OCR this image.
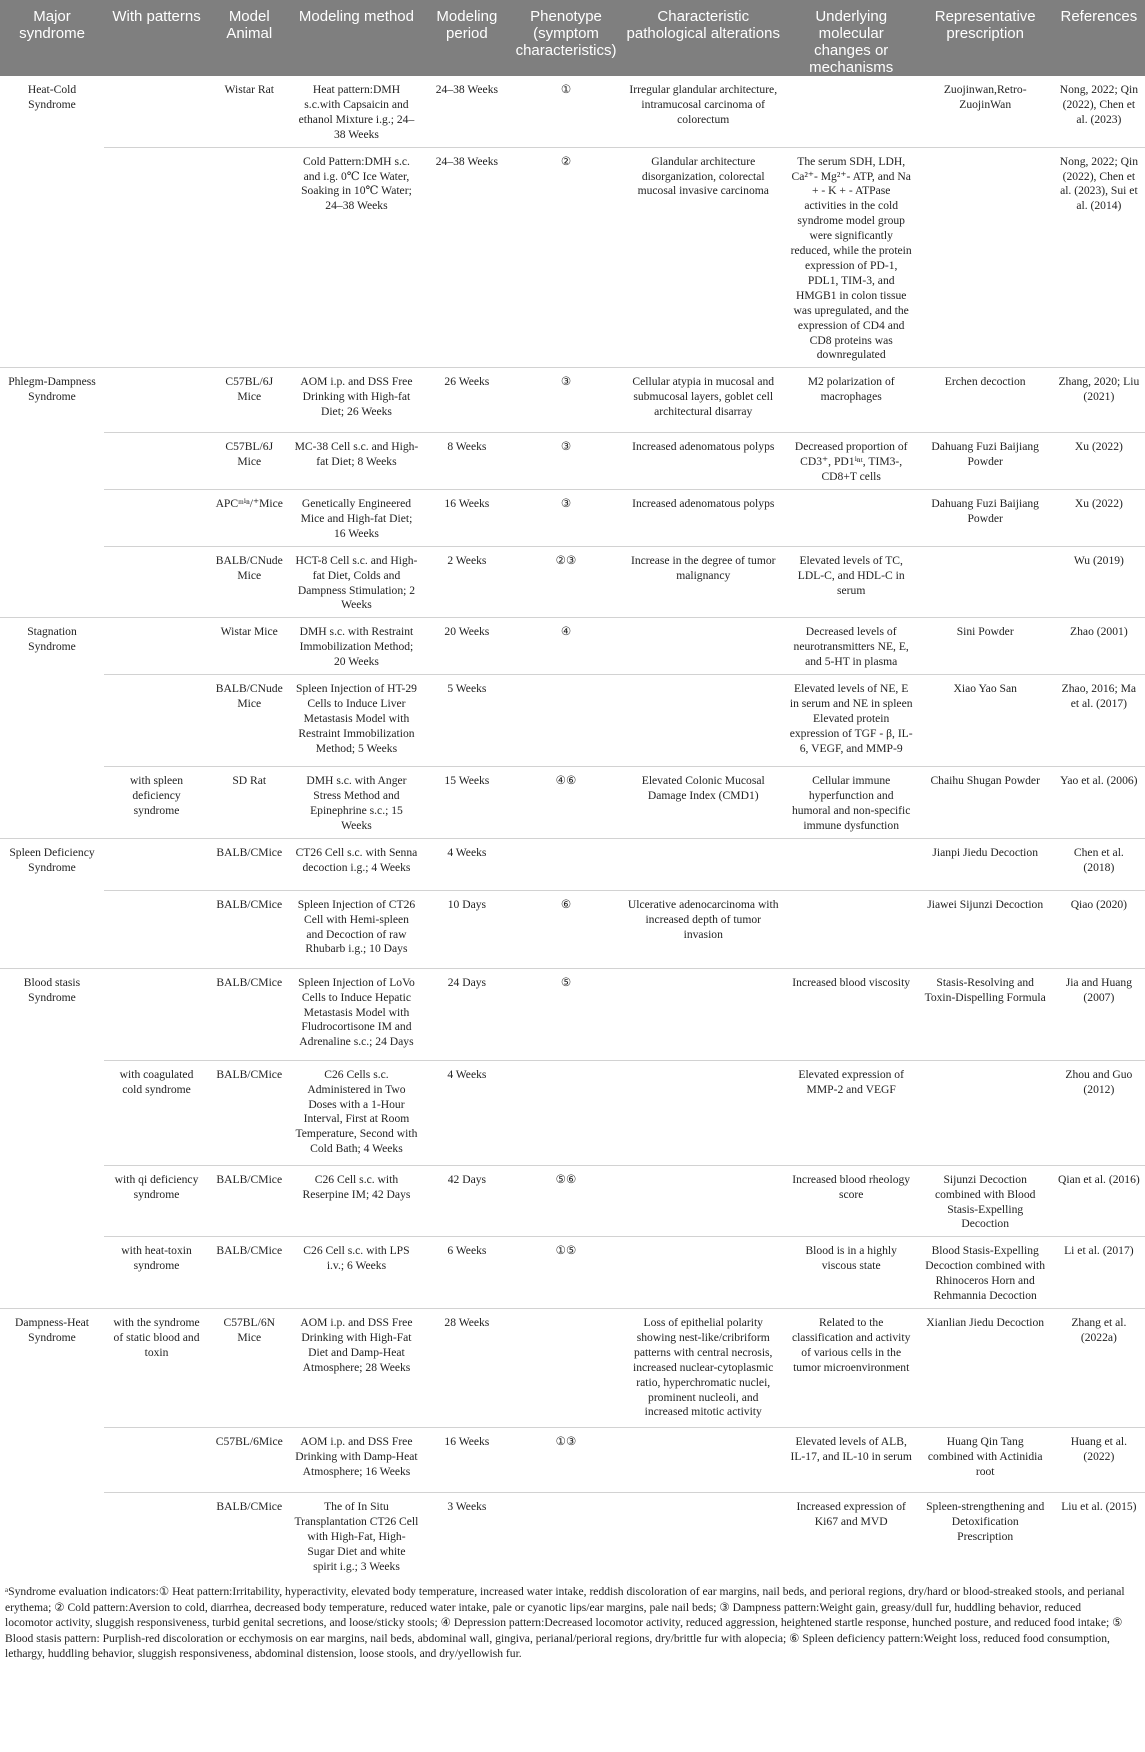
Major syndrome	With patterns	Model Animal	Modeling method	Modeling period	Phenotype (symptom characteristics)	Characteristic pathological alterations	Underlying molecular changes or mechanisms	Representative prescription	References
Heat-Cold Syndrome		Wistar Rat	Heat pattern:DMH s.c.with Capsaicin and ethanol Mixture i.g.; 24–38 Weeks	24–38 Weeks	①	Irregular glandular architecture, intramucosal carcinoma of colorectum		Zuojinwan,Retro-ZuojinWan	Nong, 2022; Qin (2022), Chen et al. (2023)
			Cold Pattern:DMH s.c. and i.g. 0℃ Ice Water, Soaking in 10℃ Water; 24–38 Weeks	24–38 Weeks	②	Glandular architecture disorganization, colorectal mucosal invasive carcinoma	The serum SDH, LDH, Ca²⁺- Mg²⁺- ATP, and Na + - K + - ATPase activities in the cold syndrome model group were significantly reduced, while the protein expression of PD-1, PDL1, TIM-3, and HMGB1 in colon tissue was upregulated, and the expression of CD4 and CD8 proteins was downregulated		Nong, 2022; Qin (2022), Chen et al. (2023), Sui et al. (2014)
Phlegm-Dampness Syndrome		C57BL/6J Mice	AOM i.p. and DSS Free Drinking with High-fat Diet; 26 Weeks	26 Weeks	③	Cellular atypia in mucosal and submucosal layers, goblet cell architectural disarray	M2 polarization of macrophages	Erchen decoction	Zhang, 2020; Liu (2021)
		C57BL/6J Mice	MC-38 Cell s.c. and High-fat Diet; 8 Weeks	8 Weeks	③	Increased adenomatous polyps	Decreased proportion of CD3⁺, PD1ⁱⁿᵗ, TIM3-, CD8+T cells	Dahuang Fuzi Baijiang Powder	Xu (2022)
		APCᵐⁱⁿ/⁺Mice	Genetically Engineered Mice and High-fat Diet; 16 Weeks	16 Weeks	③	Increased adenomatous polyps		Dahuang Fuzi Baijiang Powder	Xu (2022)
		BALB/CNude Mice	HCT-8 Cell s.c. and High-fat Diet, Colds and Dampness Stimulation; 2 Weeks	2 Weeks	②③	Increase in the degree of tumor malignancy	Elevated levels of TC, LDL-C, and HDL-C in serum		Wu (2019)
Stagnation Syndrome		Wistar Mice	DMH s.c. with Restraint Immobilization Method; 20 Weeks	20 Weeks	④		Decreased levels of neurotransmitters NE, E, and 5-HT in plasma	Sini Powder	Zhao (2001)
		BALB/CNude Mice	Spleen Injection of HT-29 Cells to Induce Liver Metastasis Model with Restraint Immobilization Method; 5 Weeks	5 Weeks			Elevated levels of NE, E in serum and NE in spleen Elevated protein expression of TGF - β, IL-6, VEGF, and MMP-9	Xiao Yao San	Zhao, 2016; Ma et al. (2017)
	with spleen deficiency syndrome	SD Rat	DMH s.c. with Anger Stress Method and Epinephrine s.c.; 15 Weeks	15 Weeks	④⑥	Elevated Colonic Mucosal Damage Index (CMD1)	Cellular immune hyperfunction and humoral and non-specific immune dysfunction	Chaihu Shugan Powder	Yao et al. (2006)
Spleen Deficiency Syndrome		BALB/CMice	CT26 Cell s.c. with Senna decoction i.g.; 4 Weeks	4 Weeks				Jianpi Jiedu Decoction	Chen et al. (2018)
		BALB/CMice	Spleen Injection of CT26 Cell with Hemi-spleen and Decoction of raw Rhubarb i.g.; 10 Days	10 Days	⑥	Ulcerative adenocarcinoma with increased depth of tumor invasion		Jiawei Sijunzi Decoction	Qiao (2020)
Blood stasis Syndrome		BALB/CMice	Spleen Injection of LoVo Cells to Induce Hepatic Metastasis Model with Fludrocortisone IM and Adrenaline s.c.; 24 Days	24 Days	⑤		Increased blood viscosity	Stasis-Resolving and Toxin-Dispelling Formula	Jia and Huang (2007)
	with coagulated cold syndrome	BALB/CMice	C26 Cells s.c. Administered in Two Doses with a 1-Hour Interval, First at Room Temperature, Second with Cold Bath; 4 Weeks	4 Weeks			Elevated expression of MMP-2 and VEGF		Zhou and Guo (2012)
	with qi deficiency syndrome	BALB/CMice	C26 Cell s.c. with Reserpine IM; 42 Days	42 Days	⑤⑥		Increased blood rheology score	Sijunzi Decoction combined with Blood Stasis-Expelling Decoction	Qian et al. (2016)
	with heat-toxin syndrome	BALB/CMice	C26 Cell s.c. with LPS i.v.; 6 Weeks	6 Weeks	①⑤		Blood is in a highly viscous state	Blood Stasis-Expelling Decoction combined with Rhinoceros Horn and Rehmannia Decoction	Li et al. (2017)
Dampness-Heat Syndrome	with the syndrome of static blood and toxin	C57BL/6N Mice	AOM i.p. and DSS Free Drinking with High-Fat Diet and Damp-Heat Atmosphere; 28 Weeks	28 Weeks		Loss of epithelial polarity showing nest-like/cribriform patterns with central necrosis, increased nuclear-cytoplasmic ratio, hyperchromatic nuclei, prominent nucleoli, and increased mitotic activity	Related to the classification and activity of various cells in the tumor microenvironment	Xianlian Jiedu Decoction	Zhang et al. (2022a)
		C57BL/6Mice	AOM i.p. and DSS Free Drinking with Damp-Heat Atmosphere; 16 Weeks	16 Weeks	①③		Elevated levels of ALB, IL-17, and IL-10 in serum	Huang Qin Tang combined with Actinidia root	Huang et al. (2022)
		BALB/CMice	The of In Situ Transplantation CT26 Cell with High-Fat, High-Sugar Diet and white spirit i.g.; 3 Weeks	3 Weeks			Increased expression of Ki67 and MVD	Spleen-strengthening and Detoxification Prescription	Liu et al. (2015)
ᵃSyndrome evaluation indicators:① Heat pattern:Irritability, hyperactivity, elevated body temperature, increased water intake, reddish discoloration of ear margins, nail beds, and perioral regions, dry/hard or blood-streaked stools, and perianal erythema; ② Cold pattern:Aversion to cold, diarrhea, decreased body temperature, reduced water intake, pale or cyanotic lips/ear margins, pale nail beds; ③ Dampness pattern:Weight gain, greasy/dull fur, huddling behavior, reduced locomotor activity, sluggish responsiveness, turbid genital secretions, and loose/sticky stools; ④ Depression pattern:Decreased locomotor activity, reduced aggression, heightened startle response, hunched posture, and reduced food intake; ⑤ Blood stasis pattern: Purplish-red discoloration or ecchymosis on ear margins, nail beds, abdominal wall, gingiva, perianal/perioral regions, dry/brittle fur with alopecia; ⑥ Spleen deficiency pattern:Weight loss, reduced food consumption, lethargy, huddling behavior, sluggish responsiveness, abdominal distension, loose stools, and dry/yellowish fur.
